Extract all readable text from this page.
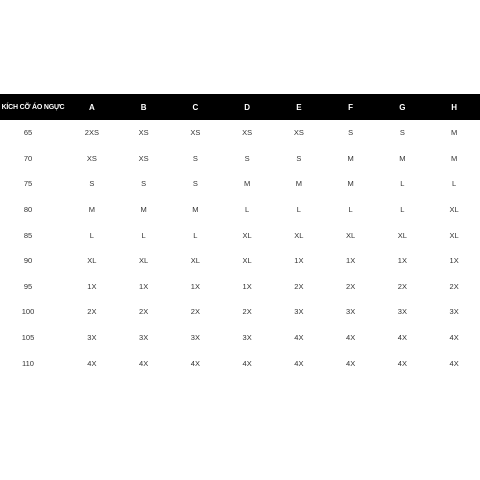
KÍCH CỠ ÁO NGỰC	A	B	C	D	E	F	G	H
65	2XS	XS	XS	XS	XS	S	S	M
70	XS	XS	S	S	S	M	M	M
75	S	S	S	M	M	M	L	L
80	M	M	M	L	L	L	L	XL
85	L	L	L	XL	XL	XL	XL	XL
90	XL	XL	XL	XL	1X	1X	1X	1X
95	1X	1X	1X	1X	2X	2X	2X	2X
100	2X	2X	2X	2X	3X	3X	3X	3X
105	3X	3X	3X	3X	4X	4X	4X	4X
110	4X	4X	4X	4X	4X	4X	4X	4X
